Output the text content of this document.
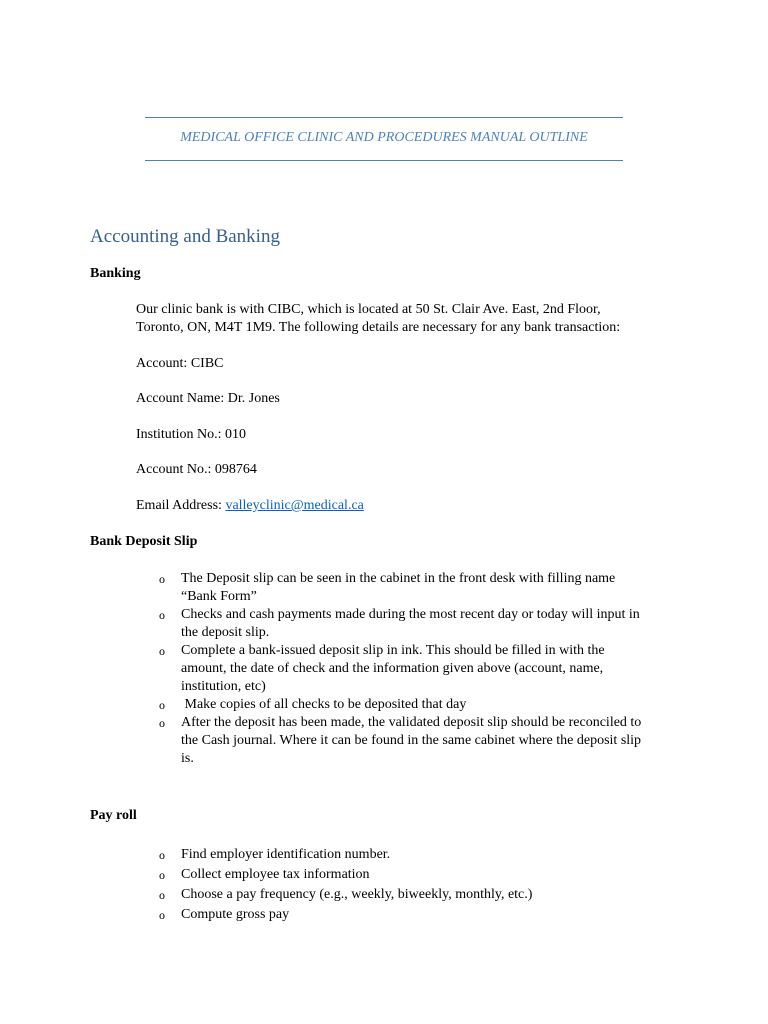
MEDICAL OFFICE CLINIC AND PROCEDURES MANUAL OUTLINE
Accounting and Banking
Banking
Our clinic bank is with CIBC, which is located at 50 St. Clair Ave. East, 2nd Floor,
Toronto, ON, M4T 1M9. The following details are necessary for any bank transaction:
Account: CIBC
Account Name: Dr. Jones
Institution No.: 010
Account No.: 098764
Email Address: valleyclinic@medical.ca
Bank Deposit Slip
o The Deposit slip can be seen in the cabinet in the front desk with filling name
“Bank Form”
o Checks and cash payments made during the most recent day or today will input in
the deposit slip.
o Complete a bank-issued deposit slip in ink. This should be filled in with the
amount, the date of check and the information given above (account, name,
institution, etc)
o Make copies of all checks to be deposited that day
o After the deposit has been made, the validated deposit slip should be reconciled to
the Cash journal. Where it can be found in the same cabinet where the deposit slip
is.
Pay roll
o Find employer identification number.
o Collect employee tax information
o Choose a pay frequency (e.g., weekly, biweekly, monthly, etc.)
o Compute gross pay
